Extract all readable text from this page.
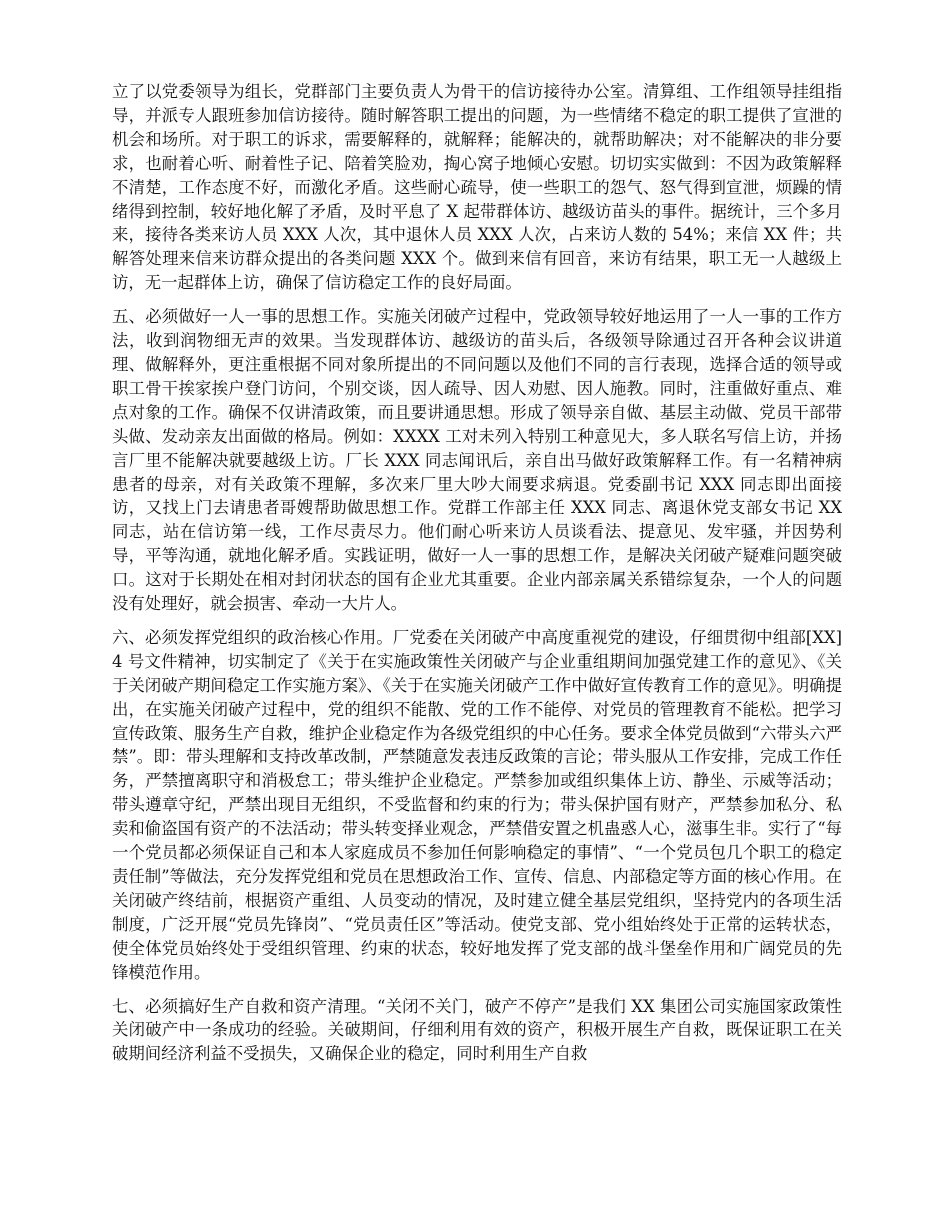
立了以党委领导为组长，党群部门主要负责人为骨干的信访接待办公室。清算组、工作组领导挂组指导，并派专人跟班参加信访接待。随时解答职工提出的问题，为一些情绪不稳定的职工提供了宣泄的机会和场所。对于职工的诉求，需要解释的，就解释；能解决的，就帮助解决；对不能解决的非分要求，也耐着心听、耐着性子记、陪着笑脸劝，掏心窝子地倾心安慰。切切实实做到：不因为政策解释不清楚，工作态度不好，而激化矛盾。这些耐心疏导，使一些职工的怨气、怒气得到宣泄，烦躁的情绪得到控制，较好地化解了矛盾，及时平息了 X 起带群体访、越级访苗头的事件。据统计，三个多月来，接待各类来访人员 XXX 人次，其中退休人员 XXX 人次，占来访人数的 54%；来信 XX 件；共解答处理来信来访群众提出的各类问题 XXX 个。做到来信有回音，来访有结果，职工无一人越级上访，无一起群体上访，确保了信访稳定工作的良好局面。

五、必须做好一人一事的思想工作。实施关闭破产过程中，党政领导较好地运用了一人一事的工作方法，收到润物细无声的效果。当发现群体访、越级访的苗头后，各级领导除通过召开各种会议讲道理、做解释外，更注重根据不同对象所提出的不同问题以及他们不同的言行表现，选择合适的领导或职工骨干挨家挨户登门访问，个别交谈，因人疏导、因人劝慰、因人施教。同时，注重做好重点、难点对象的工作。确保不仅讲清政策，而且要讲通思想。形成了领导亲自做、基层主动做、党员干部带头做、发动亲友出面做的格局。例如：XXXX 工对未列入特别工种意见大，多人联名写信上访，并扬言厂里不能解决就要越级上访。厂长 XXX 同志闻讯后，亲自出马做好政策解释工作。有一名精神病患者的母亲，对有关政策不理解，多次来厂里大吵大闹要求病退。党委副书记 XXX 同志即出面接访，又找上门去请患者哥嫂帮助做思想工作。党群工作部主任 XXX 同志、离退休党支部女书记 XX 同志，站在信访第一线，工作尽责尽力。他们耐心听来访人员谈看法、提意见、发牢骚，并因势利导，平等沟通，就地化解矛盾。实践证明，做好一人一事的思想工作，是解决关闭破产疑难问题突破口。这对于长期处在相对封闭状态的国有企业尤其重要。企业内部亲属关系错综复杂，一个人的问题没有处理好，就会损害、牵动一大片人。

六、必须发挥党组织的政治核心作用。厂党委在关闭破产中高度重视党的建设，仔细贯彻中组部[XX]4 号文件精神，切实制定了《关于在实施政策性关闭破产与企业重组期间加强党建工作的意见》、《关于关闭破产期间稳定工作实施方案》、《关于在实施关闭破产工作中做好宣传教育工作的意见》。明确提出，在实施关闭破产过程中，党的组织不能散、党的工作不能停、对党员的管理教育不能松。把学习宣传政策、服务生产自救，维护企业稳定作为各级党组织的中心任务。要求全体党员做到“六带头六严禁”。即：带头理解和支持改革改制，严禁随意发表违反政策的言论；带头服从工作安排，完成工作任务，严禁擅离职守和消极怠工；带头维护企业稳定。严禁参加或组织集体上访、静坐、示威等活动；带头遵章守纪，严禁出现目无组织，不受监督和约束的行为；带头保护国有财产，严禁参加私分、私卖和偷盗国有资产的不法活动；带头转变择业观念，严禁借安置之机蛊惑人心，滋事生非。实行了“每一个党员都必须保证自己和本人家庭成员不参加任何影响稳定的事情”、“一个党员包几个职工的稳定责任制”等做法，充分发挥党组和党员在思想政治工作、宣传、信息、内部稳定等方面的核心作用。在关闭破产终结前，根据资产重组、人员变动的情况，及时建立健全基层党组织，坚持党内的各项生活制度，广泛开展“党员先锋岗”、“党员责任区”等活动。使党支部、党小组始终处于正常的运转状态，使全体党员始终处于受组织管理、约束的状态，较好地发挥了党支部的战斗堡垒作用和广阔党员的先锋模范作用。

七、必须搞好生产自救和资产清理。“关闭不关门，破产不停产”是我们 XX 集团公司实施国家政策性关闭破产中一条成功的经验。关破期间，仔细利用有效的资产，积极开展生产自救，既保证职工在关破期间经济利益不受损失，又确保企业的稳定，同时利用生产自救
